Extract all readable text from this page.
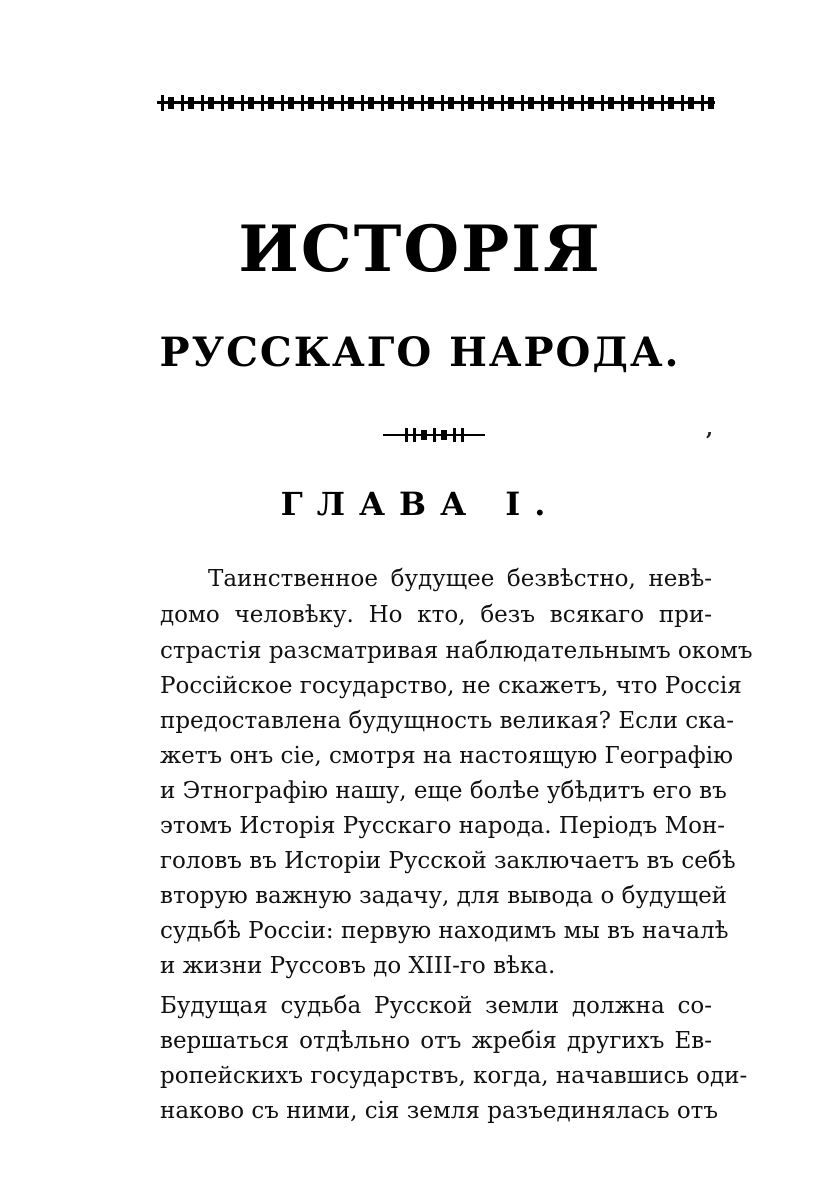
ИСТОРІЯ
РУССКАГО НАРОДА.
,
ГЛАВА I.
Таинственное будущее безвѣстно, невѣ-
домо человѣку. Но кто, безъ всякаго при-
страстія разсматривая наблюдательнымъ окомъ
Россійское государство, не скажетъ, что Россія
предоставлена будущность великая? Если ска-
жетъ онъ сіе, смотря на настоящую Географію
и Этнографію нашу, еще болѣе убѣдитъ его въ
этомъ Исторія Русскаго народа. Періодъ Мон-
головъ въ Исторіи Русской заключаетъ въ себѣ
вторую важную задачу, для вывода о будущей
судьбѣ Россіи: первую находимъ мы въ началѣ
и жизни Руссовъ до XIII-го вѣка.
Будущая судьба Русской земли должна со-
вершаться отдѣльно отъ жребія другихъ Ев-
ропейскихъ государствъ, когда, начавшись оди-
наково съ ними, сія земля разъединялась отъ
